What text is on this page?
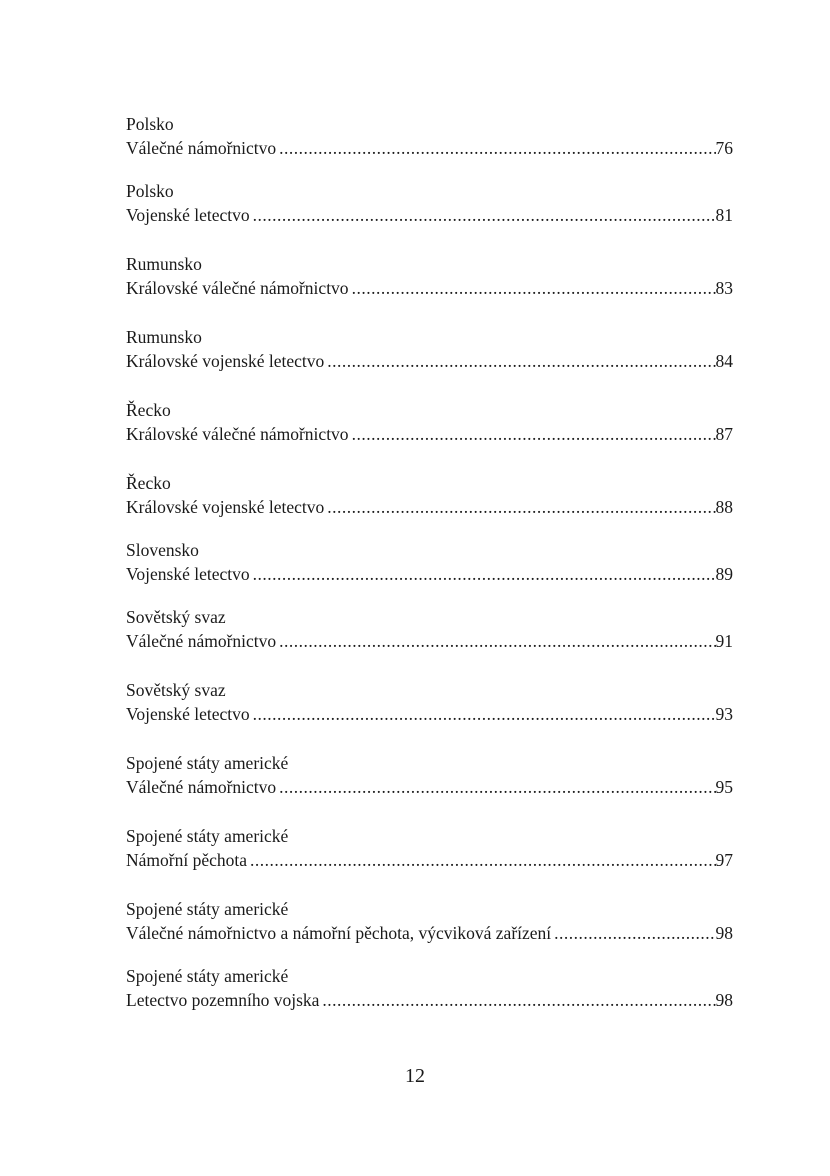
Polsko
Válečné námořnictvo .....	76
Polsko
Vojenské letectvo .....	81
Rumunsko
Královské válečné námořnictvo .....	83
Rumunsko
Královské vojenské letectvo .....	84
Řecko
Královské válečné námořnictvo .....	87
Řecko
Královské vojenské letectvo .....	88
Slovensko
Vojenské letectvo .....	89
Sovětský svaz
Válečné námořnictvo .....	91
Sovětský svaz
Vojenské letectvo .....	93
Spojené státy americké
Válečné námořnictvo .....	95
Spojené státy americké
Námořní pěchota .....	97
Spojené státy americké
Válečné námořnictvo a námořní pěchota, výcviková zařízení .....	98
Spojené státy americké
Letectvo pozemního vojska .....	98
12
